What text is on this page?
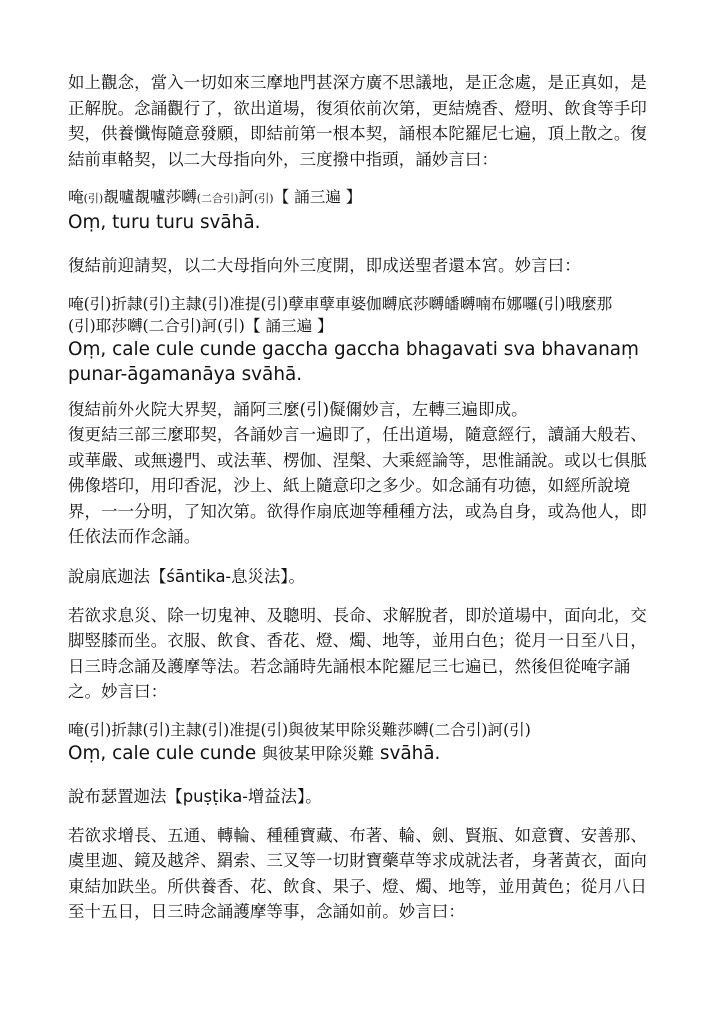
如上觀念，當入一切如來三摩地門甚深方廣不思議地，是正念處，是正真如，是正解脫。念誦觀行了，欲出道場，復須依前次第，更結燒香、燈明、飲食等手印契，供養懺悔隨意發願，即結前第一根本契，誦根本陀羅尼七遍，頂上散之。復結前車輅契，以二大母指向外，三度撥中指頭，誦妙言曰：

唵(引)覩嚧覩嚧莎嚩(二合引)訶(引)【 誦三遍 】

Oṃ, turu turu svāhā.

復結前迎請契，以二大母指向外三度開，即成送聖者還本宮。妙言曰：

唵(引)折隷(引)主隷(引)准提(引)孽車孽車婆伽嚩底莎嚩皤嚩喃布娜囉(引)哦麼那

(引)耶莎嚩(二合引)訶(引)【 誦三遍 】

Oṃ, cale cule cunde gaccha gaccha bhagavati sva bhavanaṃ

punar-āgamanāya svāhā.

復結前外火院大界契，誦阿三麼(引)儗儞妙言，左轉三遍即成。

復更結三部三麼耶契，各誦妙言一遍即了，任出道場，隨意經行，讀誦大般若、或華嚴、或無邊門、或法華、楞伽、涅槃、大乘經論等，思惟誦說。或以七俱胝佛像塔印，用印香泥，沙上、紙上隨意印之多少。如念誦有功德，如經所說境界，一一分明，了知次第。欲得作扇底迦等種種方法，或為自身，或為他人，即任依法而作念誦。

說扇底迦法【śāntika-息災法】。

若欲求息災、除一切鬼神、及聰明、長命、求解脫者，即於道場中，面向北，交脚竪膝而坐。衣服、飲食、香花、燈、燭、地等，並用白色；從月一日至八日，日三時念誦及護摩等法。若念誦時先誦根本陀羅尼三七遍已，然後但從唵字誦之。妙言曰：

唵(引)折隷(引)主隷(引)准提(引)與彼某甲除災難莎嚩(二合引)訶(引)

Oṃ, cale cule cunde 與彼某甲除災難 svāhā.

說布瑟置迦法【puṣṭika-增益法】。

若欲求增長、五通、轉輪、種種寶藏、布著、輪、劍、賢瓶、如意寶、安善那、虞里迦、鏡及越斧、羂索、三叉等一切財寶藥草等求成就法者，身著黃衣，面向東結加趺坐。所供養香、花、飲食、果子、燈、燭、地等，並用黃色；從月八日至十五日，日三時念誦護摩等事，念誦如前。妙言曰：
